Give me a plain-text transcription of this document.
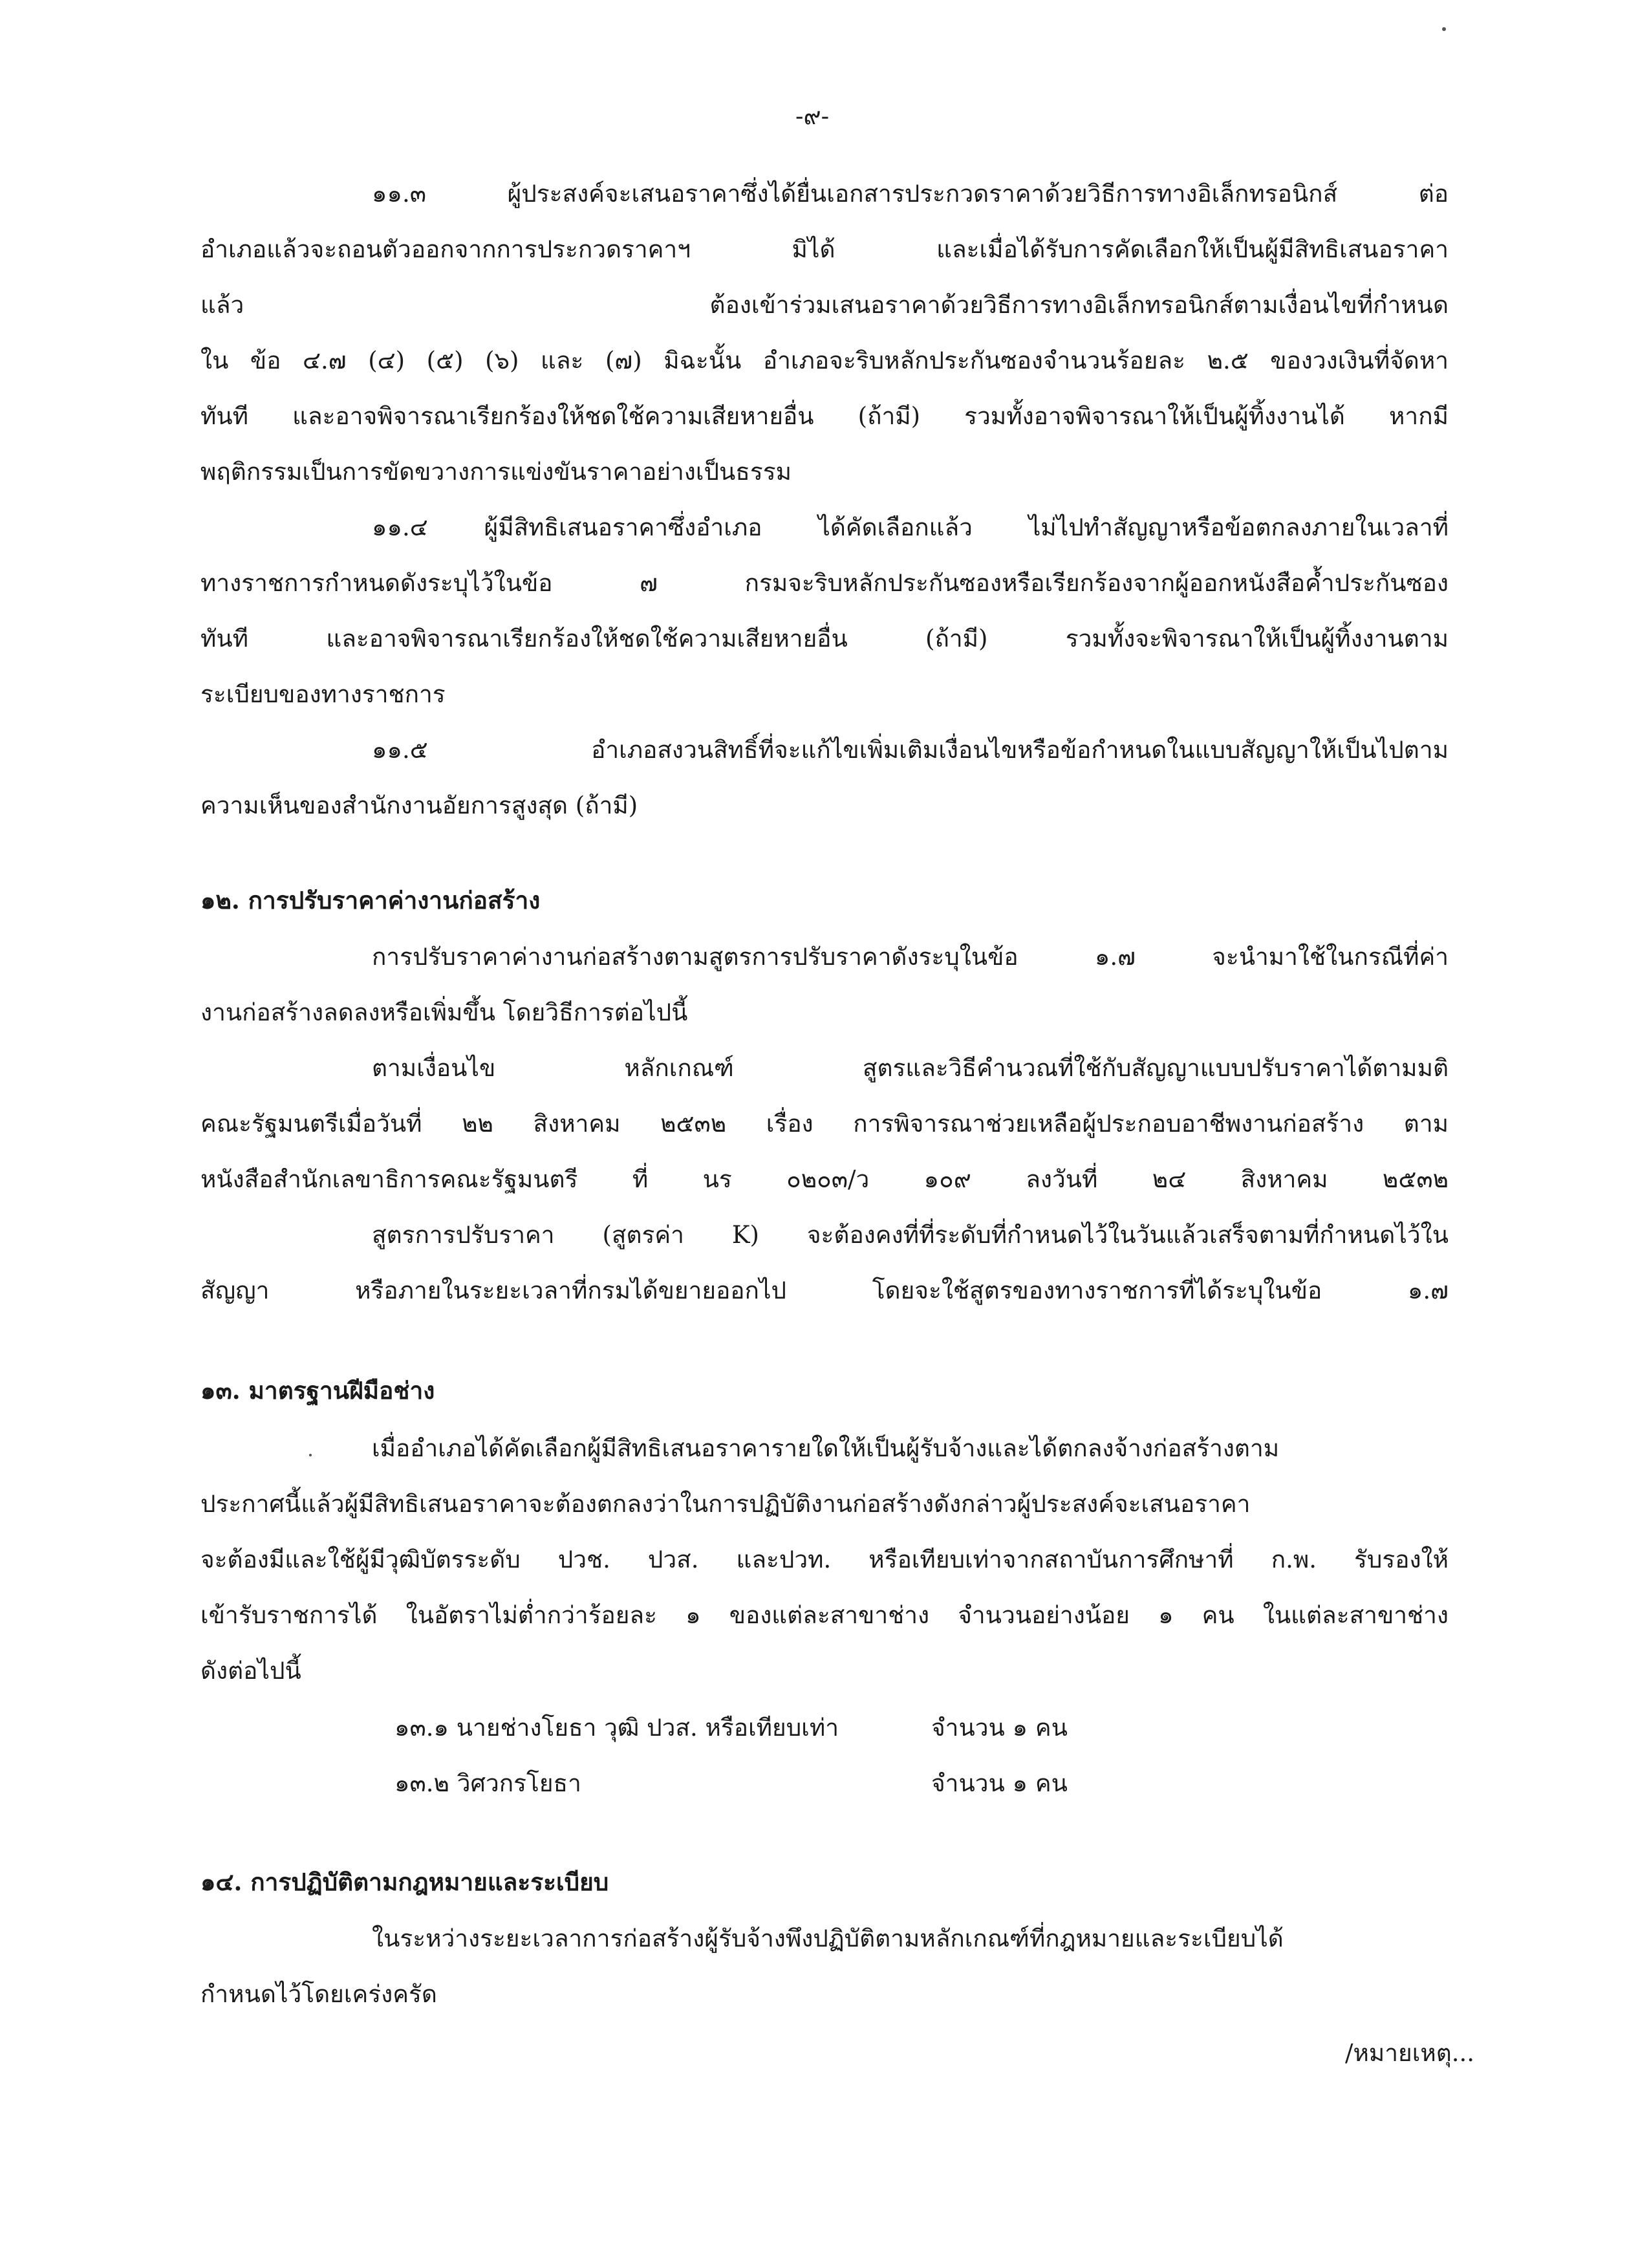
-๙-
๑๑.๓ ผู้ประสงค์จะเสนอราคาซึ่งได้ยื่นเอกสารประกวดราคาด้วยวิธีการทางอิเล็กทรอนิกส์ ต่อ
อำเภอแล้วจะถอนตัวออกจากการประกวดราคาฯ มิได้ และเมื่อได้รับการคัดเลือกให้เป็นผู้มีสิทธิเสนอราคา
แล้ว ต้องเข้าร่วมเสนอราคาด้วยวิธีการทางอิเล็กทรอนิกส์ตามเงื่อนไขที่กำหนด
ใน ข้อ ๔.๗ (๔) (๕) (๖) และ (๗) มิฉะนั้น อำเภอจะริบหลักประกันซองจำนวนร้อยละ ๒.๕ ของวงเงินที่จัดหา
ทันที และอาจพิจารณาเรียกร้องให้ชดใช้ความเสียหายอื่น (ถ้ามี) รวมทั้งอาจพิจารณาให้เป็นผู้ทิ้งงานได้ หากมี
พฤติกรรมเป็นการขัดขวางการแข่งขันราคาอย่างเป็นธรรม
๑๑.๔ ผู้มีสิทธิเสนอราคาซึ่งอำเภอ ได้คัดเลือกแล้ว ไม่ไปทำสัญญาหรือข้อตกลงภายในเวลาที่
ทางราชการกำหนดดังระบุไว้ในข้อ ๗ กรมจะริบหลักประกันซองหรือเรียกร้องจากผู้ออกหนังสือค้ำประกันซอง
ทันที และอาจพิจารณาเรียกร้องให้ชดใช้ความเสียหายอื่น (ถ้ามี) รวมทั้งจะพิจารณาให้เป็นผู้ทิ้งงานตาม
ระเบียบของทางราชการ
๑๑.๕ อำเภอสงวนสิทธิ์ที่จะแก้ไขเพิ่มเติมเงื่อนไขหรือข้อกำหนดในแบบสัญญาให้เป็นไปตาม
ความเห็นของสำนักงานอัยการสูงสุด (ถ้ามี)
๑๒. การปรับราคาค่างานก่อสร้าง
การปรับราคาค่างานก่อสร้างตามสูตรการปรับราคาดังระบุในข้อ ๑.๗ จะนำมาใช้ในกรณีที่ค่า
งานก่อสร้างลดลงหรือเพิ่มขึ้น โดยวิธีการต่อไปนี้
ตามเงื่อนไข หลักเกณฑ์ สูตรและวิธีคำนวณที่ใช้กับสัญญาแบบปรับราคาได้ตามมติ
คณะรัฐมนตรีเมื่อวันที่ ๒๒ สิงหาคม ๒๕๓๒ เรื่อง การพิจารณาช่วยเหลือผู้ประกอบอาชีพงานก่อสร้าง ตาม
หนังสือสำนักเลขาธิการคณะรัฐมนตรี ที่ นร ๐๒๐๓/ว ๑๐๙ ลงวันที่ ๒๔ สิงหาคม ๒๕๓๒
สูตรการปรับราคา (สูตรค่า K) จะต้องคงที่ที่ระดับที่กำหนดไว้ในวันแล้วเสร็จตามที่กำหนดไว้ใน
สัญญา หรือภายในระยะเวลาที่กรมได้ขยายออกไป โดยจะใช้สูตรของทางราชการที่ได้ระบุในข้อ ๑.๗
๑๓. มาตรฐานฝีมือช่าง
เมื่ออำเภอได้คัดเลือกผู้มีสิทธิเสนอราคารายใดให้เป็นผู้รับจ้างและได้ตกลงจ้างก่อสร้างตาม
ประกาศนี้แล้วผู้มีสิทธิเสนอราคาจะต้องตกลงว่าในการปฏิบัติงานก่อสร้างดังกล่าวผู้ประสงค์จะเสนอราคา
จะต้องมีและใช้ผู้มีวุฒิบัตรระดับ ปวช. ปวส. และปวท. หรือเทียบเท่าจากสถาบันการศึกษาที่ ก.พ. รับรองให้
เข้ารับราชการได้ ในอัตราไม่ต่ำกว่าร้อยละ ๑ ของแต่ละสาขาช่าง จำนวนอย่างน้อย ๑ คน ในแต่ละสาขาช่าง
ดังต่อไปนี้
๑๓.๑ นายช่างโยธา วุฒิ ปวส. หรือเทียบเท่า	จำนวน ๑ คน
๑๓.๒ วิศวกรโยธา	จำนวน ๑ คน
๑๔. การปฏิบัติตามกฎหมายและระเบียบ
ในระหว่างระยะเวลาการก่อสร้างผู้รับจ้างพึงปฏิบัติตามหลักเกณฑ์ที่กฎหมายและระเบียบได้
กำหนดไว้โดยเคร่งครัด
/หมายเหตุ...
